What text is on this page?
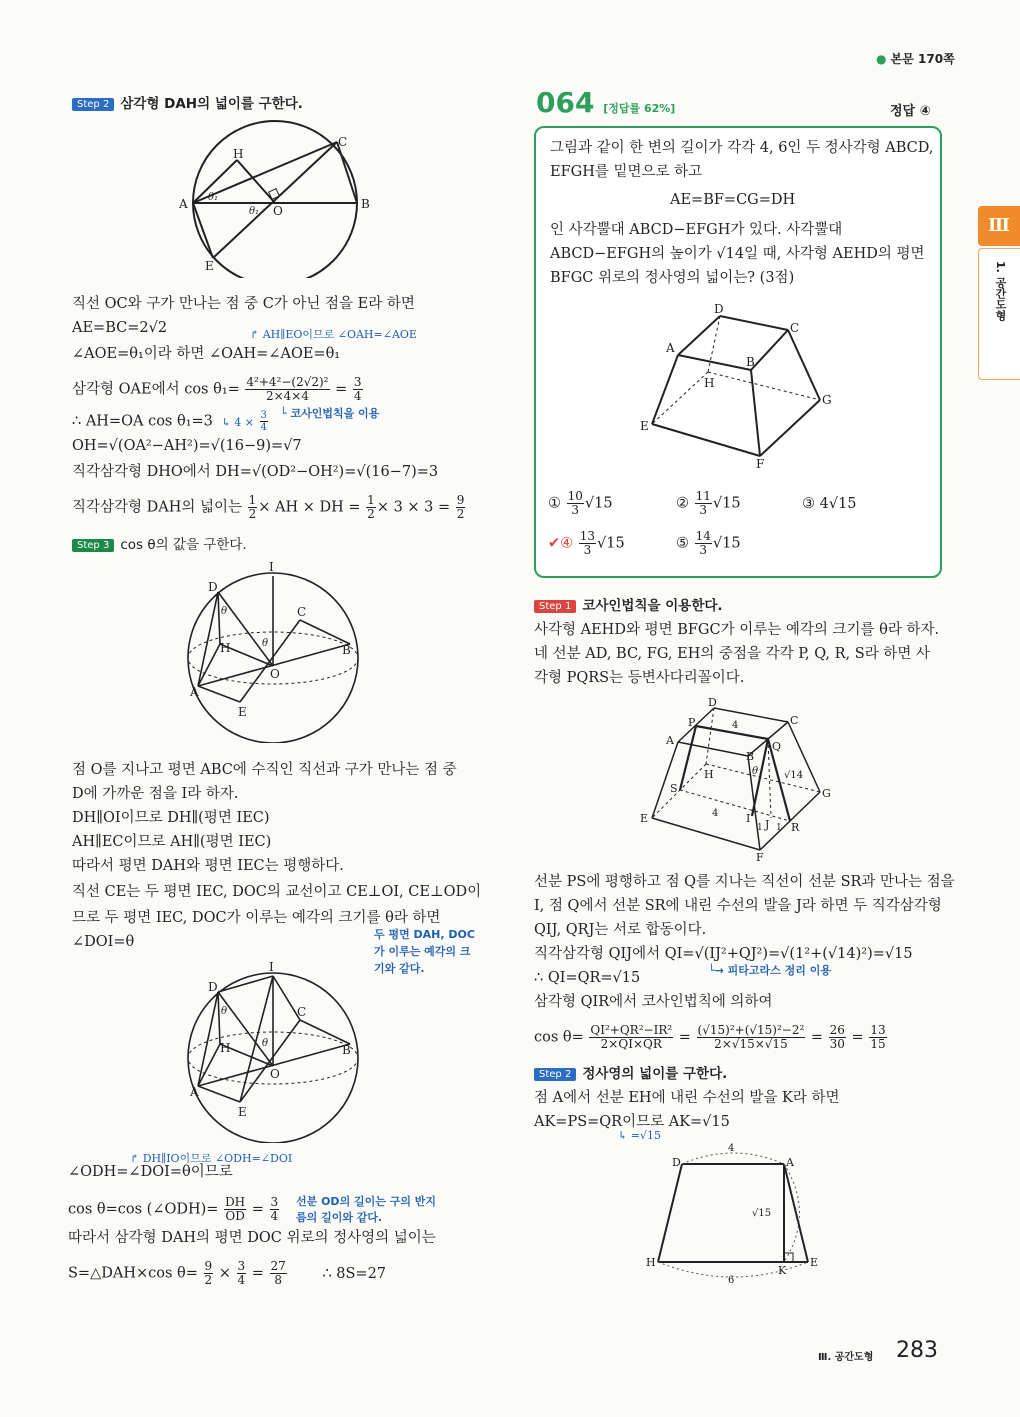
● 본문 170쪽
Ⅲ
1. 공간도형
Step 2 삼각형 DAH의 넓이를 구한다.
A	B
C
E
H
O
θ₁
θ₁
직선 OC와 구가 만나는 점 중 C가 아닌 점을 E라 하면
AE=BC=2√2	↱ AH∥EO이므로 ∠OAH=∠AOE
∠AOE=θ₁이라 하면 ∠OAH=∠AOE=θ₁
삼각형 OAE에서 $\cos \theta_1= \frac{\text{4²+4²−(2√2)²}}{2\times 4\times 4} = \frac{3}{4}$
∴ AH=OA cos θ₁=3 ↳ $4 \times \frac{3}{4}$ └ 코사인법칙을 이용
OH=√(OA²−AH²)=√(16−9)=√7
직각삼각형 DHO에서 DH=√(OD²−OH²)=√(16−7)=3
직각삼각형 DAH의 넓이는 $\frac{1}{2}$ × AH × DH = $\frac{1}{2} \times 3 \times 3 = \frac{9}{2}$
Step 3 cos θ의 값을 구한다.
I
D
C
B
H
O
A
E
θ
θ
점 O를 지나고 평면 ABC에 수직인 직선과 구가 만나는 점 중
D에 가까운 점을 I라 하자.
DH∥OI이므로 DH∥(평면 IEC)
AH∥EC이므로 AH∥(평면 IEC)
따라서 평면 DAH와 평면 IEC는 평행하다.
직선 CE는 두 평면 IEC, DOC의 교선이고 CE⊥OI, CE⊥OD이
므로 두 평면 IEC, DOC가 이루는 예각의 크기를 θ라 하면
∠DOI=θ	두 평면 DAH, DOC가 이루는 예각의 크기와 같다.
I
D
C
B
H
O
A
E
θ
θ
↱ DH∥IO이므로 ∠ODH=∠DOI
∠ODH=∠DOI=θ이므로
cos θ=cos (∠ODH)= $\frac{DH}{OD} = \frac{3}{4}$ 선분 OD의 길이는 구의 반지름의 길이와 같다.
따라서 삼각형 DAH의 평면 DOC 위로의 정사영의 넓이는
S=△DAH×cos $\theta= \frac{9}{2} \times \frac{3}{4} = \frac{27}{8}$ ∴ 8S=27
064 [정답률 62%]	정답 ④
그림과 같이 한 변의 길이가 각각 4, 6인 두 정사각형 ABCD,
EFGH를 밑면으로 하고
AE=BF=CG=DH
인 사각뿔대 ABCD−EFGH가 있다. 사각뿔대
ABCD−EFGH의 높이가 √14일 때, 사각형 AEHD의 평면
BFGC 위로의 정사영의 넓이는? (3점)
A
D
C
B
H
E
G
F
① $\frac{10}{3} √15$	② $\frac{11}{3} √15$	③ 4√15
✔④ $\frac{13}{3} √15$	⑤ $\frac{14}{3} √15$
Step 1 코사인법칙을 이용한다.
사각형 AEHD와 평면 BFGC가 이루는 예각의 크기를 θ라 하자.
네 선분 AD, BC, FG, EH의 중점을 각각 P, Q, R, S라 하면 사
각형 PQRS는 등변사다리꼴이다.
A
D
C
B
P
Q
H
S
E
G
R
F
I J
4
4
θ	√14
1 1
선분 PS에 평행하고 점 Q를 지나는 직선이 선분 SR과 만나는 점을
I, 점 Q에서 선분 SR에 내린 수선의 발을 J라 하면 두 직각삼각형
QIJ, QRJ는 서로 합동이다.
직각삼각형 QIJ에서 QI=√(IJ²+QJ²)=√(1²+(√14)²)=√15
└→ 피타고라스 정리 이용
∴ QI=QR=√15
삼각형 QIR에서 코사인법칙에 의하여
$\cos \theta= \frac{\text{QI²+QR²−IR²}}{2\times QI\times QR} = \frac{\text{(√15)²+(√15)²−2²}}{2\times√15\times√15} = \frac{26}{30} = \frac{13}{15}$
Step 2 정사영의 넓이를 구한다.
점 A에서 선분 EH에 내린 수선의 발을 K라 하면
AK=PS=QR이므로 AK=√15
↳ =√15
D	A
H
K
E
4
6
√15
Ⅲ. 공간도형 283
